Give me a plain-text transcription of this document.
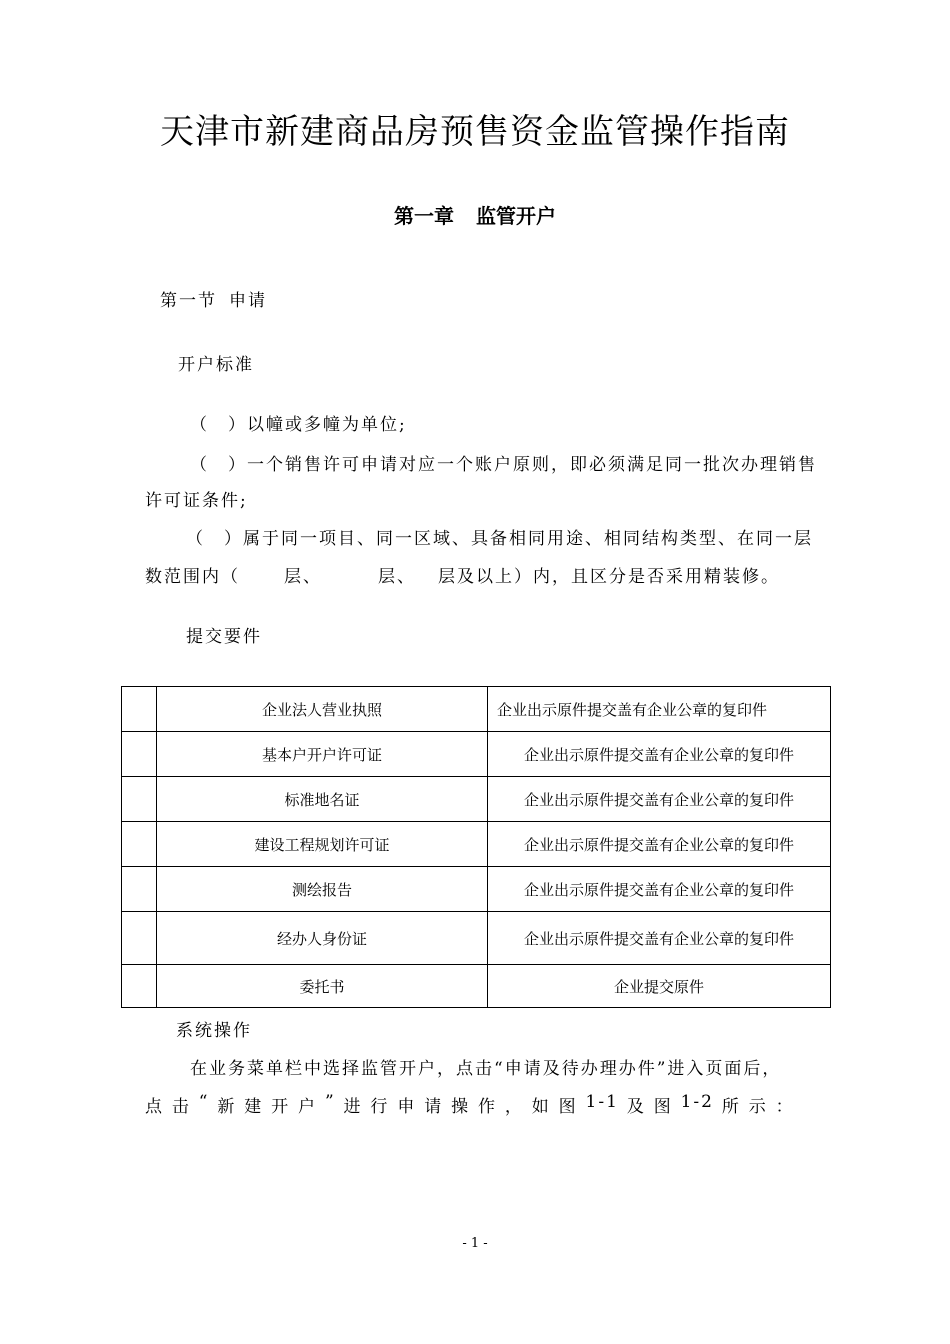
天津市新建商品房预售资金监管操作指南
第一章 监管开户
第一节 申请
开户标准
（　）以幢或多幢为单位;
（　）一个销售许可申请对应一个账户原则，即必须满足同一批次办理销售
许可证条件;
（　）属于同一项目、同一区域、具备相同用途、相同结构类型、在同一层
数范围内（	层、	层、 层及以上）内，且区分是否采用精装修。
提交要件
	企业法人营业执照	企业出示原件提交盖有企业公章的复印件
	基本户开户许可证	企业出示原件提交盖有企业公章的复印件
	标准地名证	企业出示原件提交盖有企业公章的复印件
	建设工程规划许可证	企业出示原件提交盖有企业公章的复印件
	测绘报告	企业出示原件提交盖有企业公章的复印件
	经办人身份证	企业出示原件提交盖有企业公章的复印件
	委托书	企业提交原件
系统操作
在业务菜单栏中选择监管开户，点击“申请及待办理办件”进入页面后，
点 击 “ 新 建 开 户 ” 进 行 申 请 操 作 ， 如 图 1-1 及 图 1-2 所 示 ：
- 1 -
